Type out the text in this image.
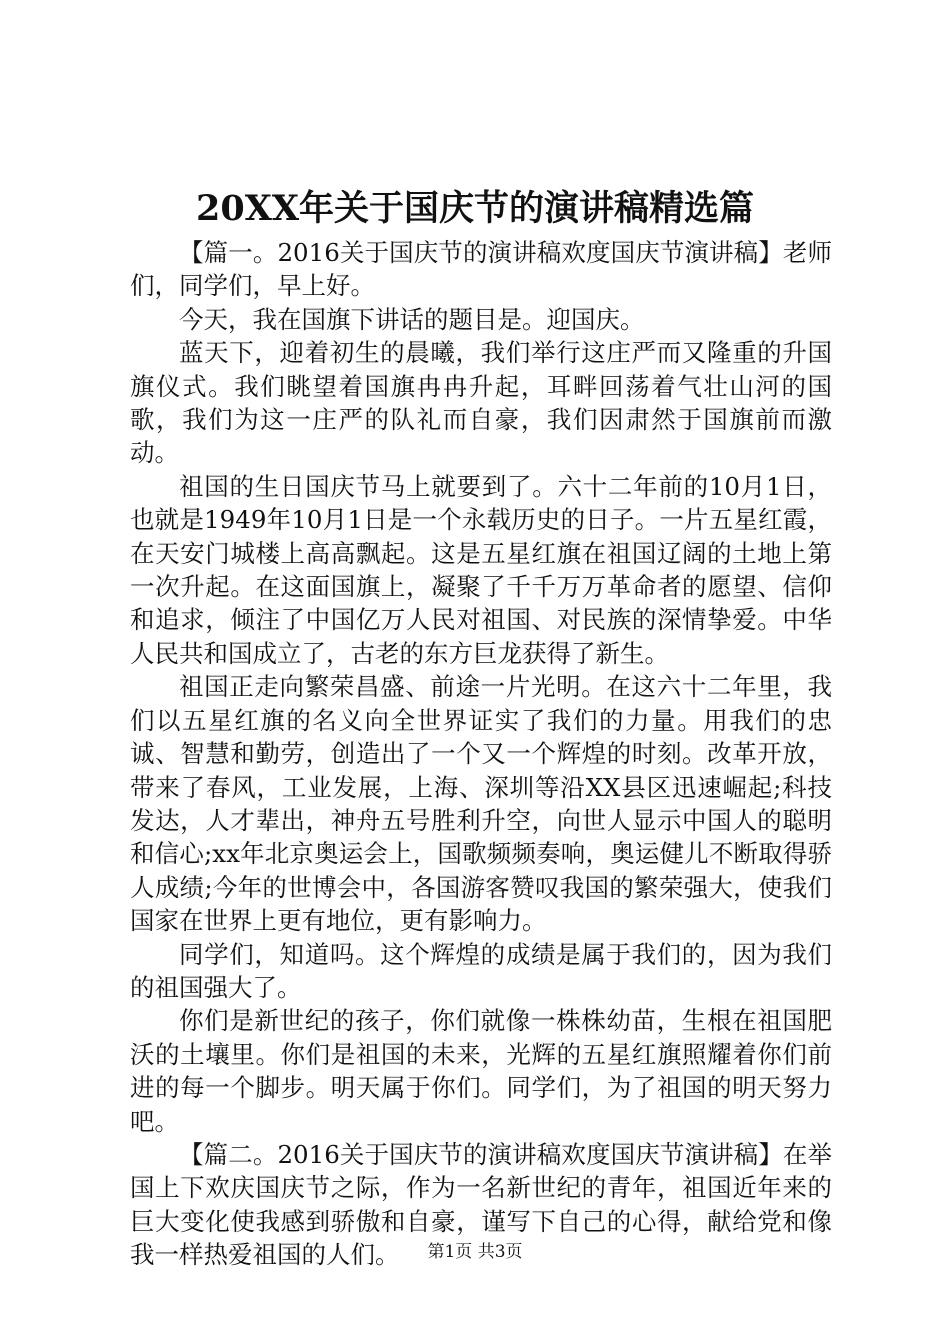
20XX年关于国庆节的演讲稿精选篇

【篇一。2016关于国庆节的演讲稿欢度国庆节演讲稿】老师们，同学们，早上好。

今天，我在国旗下讲话的题目是。迎国庆。

蓝天下，迎着初生的晨曦，我们举行这庄严而又隆重的升国旗仪式。我们眺望着国旗冉冉升起，耳畔回荡着气壮山河的国歌，我们为这一庄严的队礼而自豪，我们因肃然于国旗前而激动。

祖国的生日国庆节马上就要到了。六十二年前的10月1日，也就是1949年10月1日是一个永载历史的日子。一片五星红霞，在天安门城楼上高高飘起。这是五星红旗在祖国辽阔的土地上第一次升起。在这面国旗上，凝聚了千千万万革命者的愿望、信仰和追求，倾注了中国亿万人民对祖国、对民族的深情挚爱。中华人民共和国成立了，古老的东方巨龙获得了新生。

祖国正走向繁荣昌盛、前途一片光明。在这六十二年里，我们以五星红旗的名义向全世界证实了我们的力量。用我们的忠诚、智慧和勤劳，创造出了一个又一个辉煌的时刻。改革开放，带来了春风，工业发展，上海、深圳等沿XX县区迅速崛起;科技发达，人才辈出，神舟五号胜利升空，向世人显示中国人的聪明和信心;xx年北京奥运会上，国歌频频奏响，奥运健儿不断取得骄人成绩;今年的世博会中，各国游客赞叹我国的繁荣强大，使我们国家在世界上更有地位，更有影响力。

同学们，知道吗。这个辉煌的成绩是属于我们的，因为我们的祖国强大了。

你们是新世纪的孩子，你们就像一株株幼苗，生根在祖国肥沃的土壤里。你们是祖国的未来，光辉的五星红旗照耀着你们前进的每一个脚步。明天属于你们。同学们，为了祖国的明天努力吧。

【篇二。2016关于国庆节的演讲稿欢度国庆节演讲稿】在举国上下欢庆国庆节之际，作为一名新世纪的青年，祖国近年来的巨大变化使我感到骄傲和自豪，谨写下自己的心得，献给党和像我一样热爱祖国的人们。	第1页 共3页
